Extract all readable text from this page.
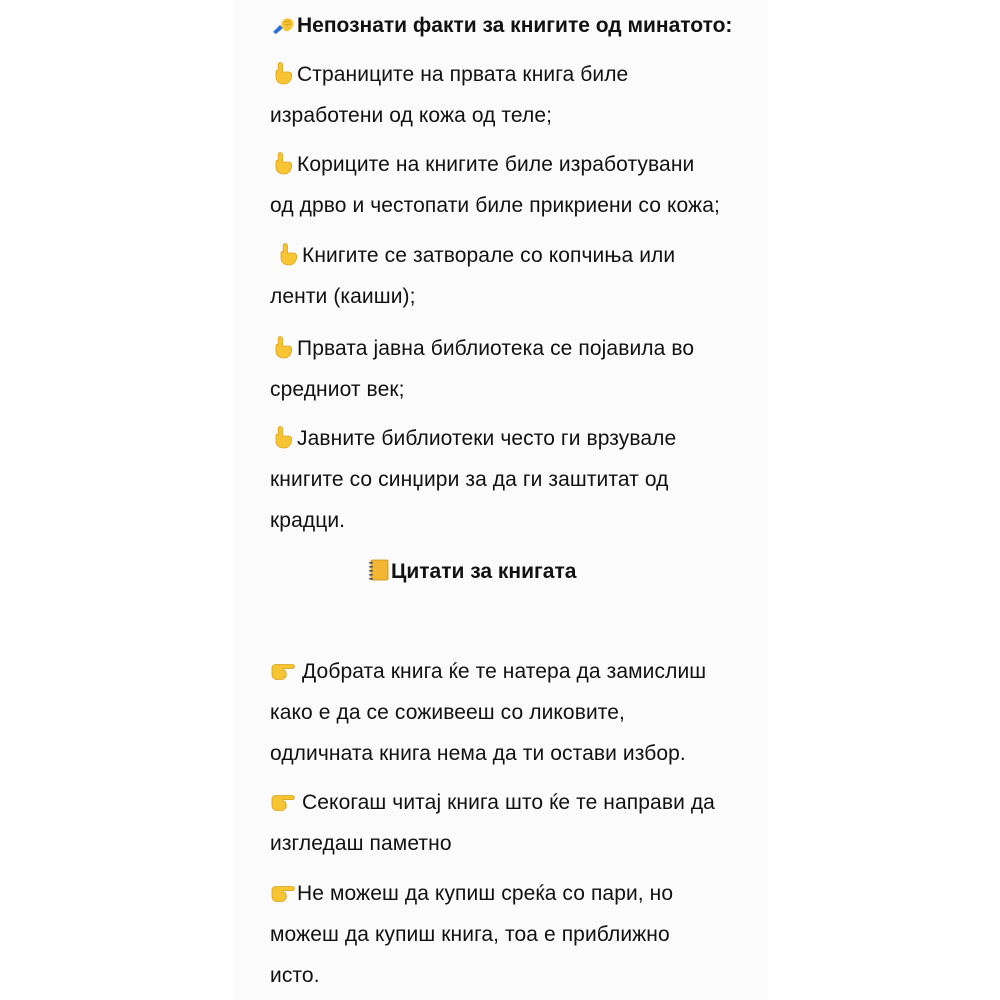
Непознати факти за книгите од минатото:
Страниците на првата книга биле
изработени од кожа од теле;
Кориците на книгите биле изработувани
од дрво и честопати биле прикриени со кожа;
Книгите се затворале со копчиња или
ленти (каиши);
Првата јавна библиотека се појавила во
средниот век;
Јавните библиотеки често ги врзувале
книгите со синџири за да ги заштитат од
крадци.
Цитати за книгата
Добрата книга ќе те натера да замислиш
како е да се соживееш со ликовите,
одличната книга нема да ти остави избор.
Секогаш читај книга што ќе те направи да
изгледаш паметно
Не можеш да купиш среќа со пари, но
можеш да купиш книга, тоа е приближно
исто.
